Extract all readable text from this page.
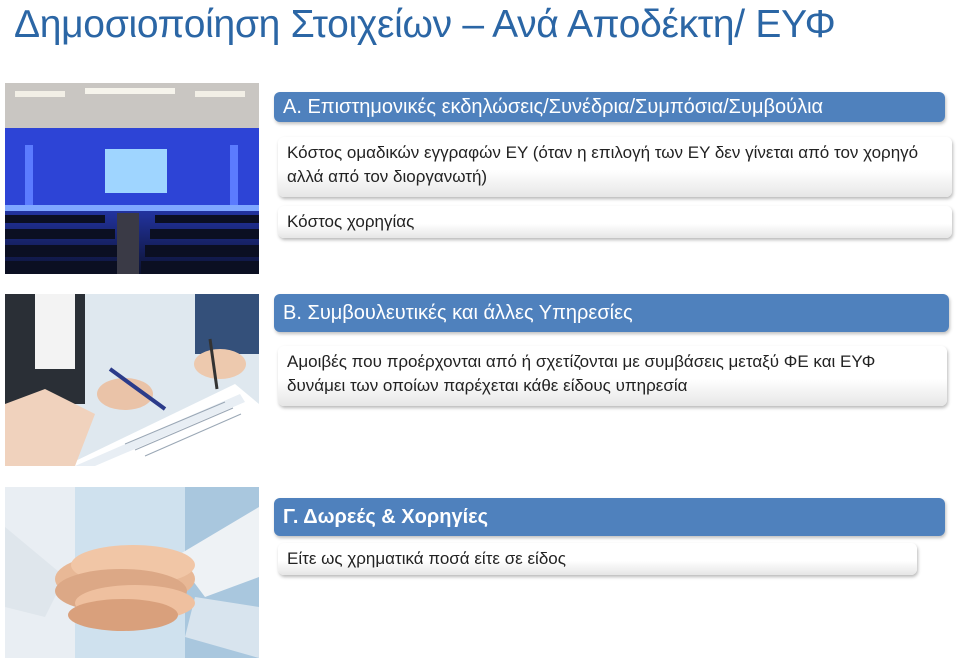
Δημοσιοποίηση Στοιχείων – Ανά Αποδέκτη/ ΕΥΦ
Α. Επιστημονικές εκδηλώσεις/Συνέδρια/Συμπόσια/Συμβούλια
Κόστος ομαδικών εγγραφών ΕΥ (όταν η επιλογή των ΕΥ δεν γίνεται από τον χορηγό αλλά από τον διοργανωτή)
Κόστος χορηγίας
Β. Συμβουλευτικές και άλλες Υπηρεσίες
Αμοιβές που προέρχονται από ή σχετίζονται με συμβάσεις μεταξύ ΦΕ και ΕΥΦ δυνάμει των οποίων παρέχεται κάθε είδους υπηρεσία
Γ. Δωρεές & Χορηγίες
Είτε ως χρηματικά ποσά είτε σε είδος
